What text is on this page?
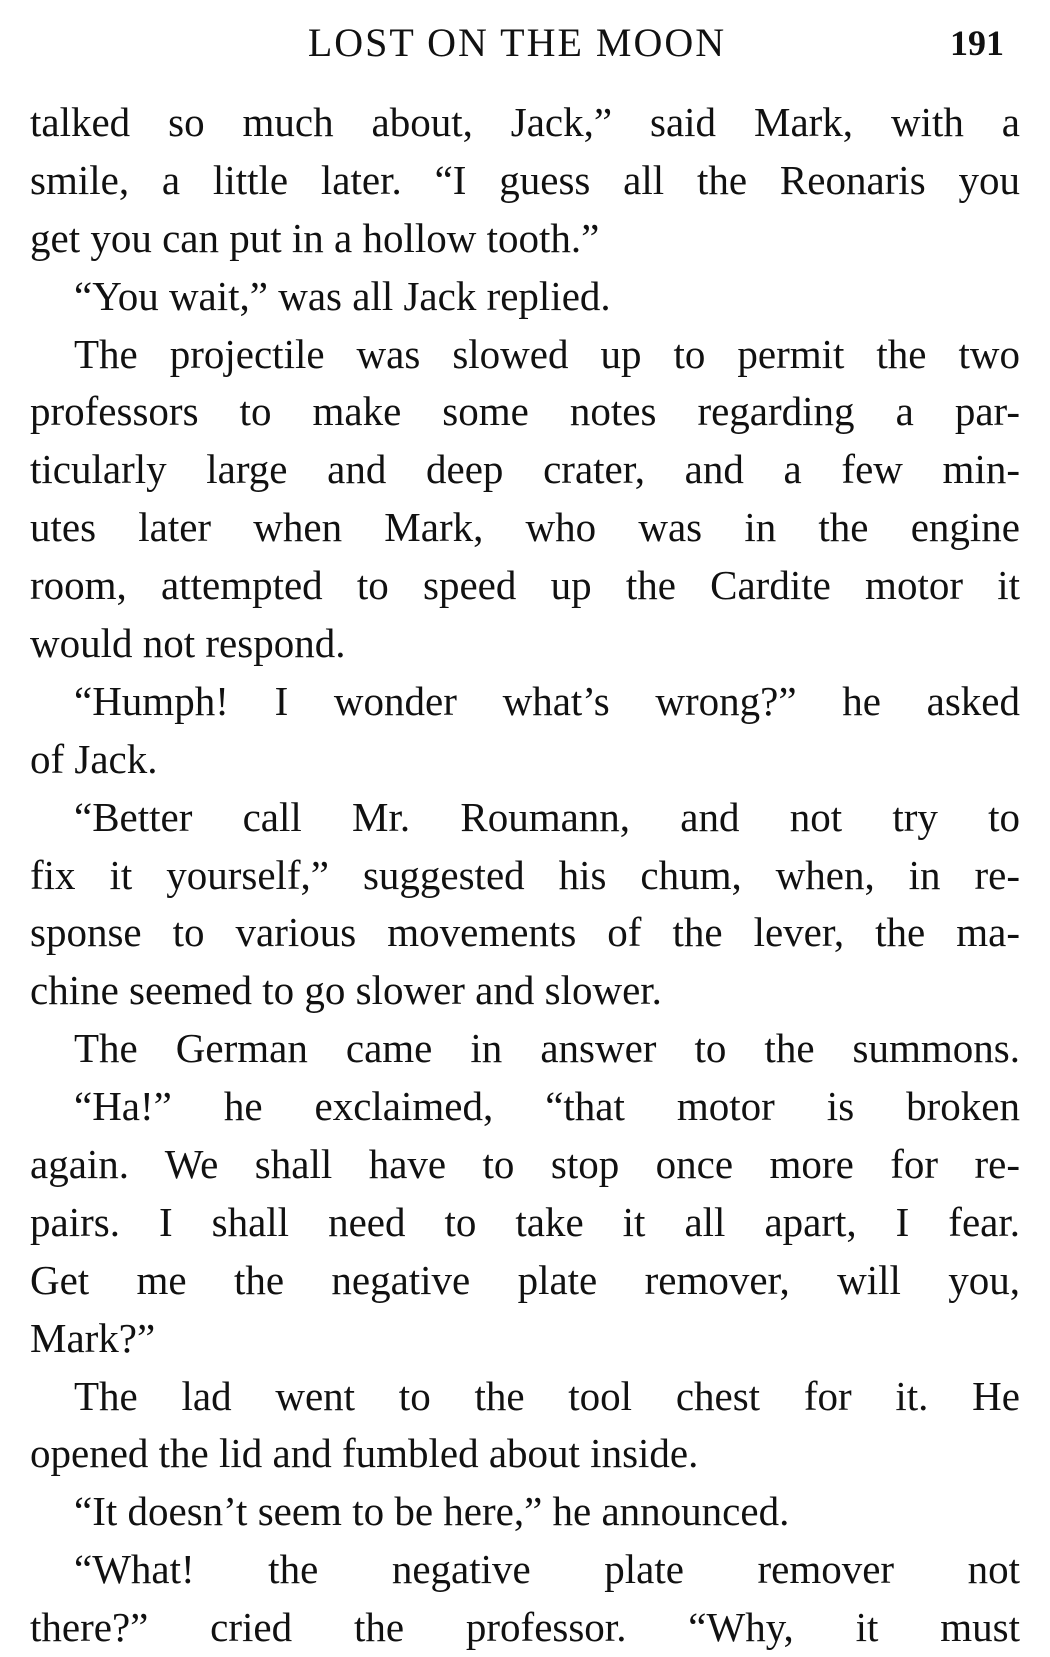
LOST ON THE MOON	191
talked so much about, Jack,” said Mark, with a
smile, a little later. “I guess all the Reonaris you
get you can put in a hollow tooth.”
“You wait,” was all Jack replied.
The projectile was slowed up to permit the two
professors to make some notes regarding a par-
ticularly large and deep crater, and a few min-
utes later when Mark, who was in the engine
room, attempted to speed up the Cardite motor it
would not respond.
“Humph! I wonder what’s wrong?” he asked
of Jack.
“Better call Mr. Roumann, and not try to
fix it yourself,” suggested his chum, when, in re-
sponse to various movements of the lever, the ma-
chine seemed to go slower and slower.
The German came in answer to the summons.
“Ha!” he exclaimed, “that motor is broken
again. We shall have to stop once more for re-
pairs. I shall need to take it all apart, I fear.
Get me the negative plate remover, will you,
Mark?”
The lad went to the tool chest for it. He
opened the lid and fumbled about inside.
“It doesn’t seem to be here,” he announced.
“What! the negative plate remover not
there?” cried the professor. “Why, it must
